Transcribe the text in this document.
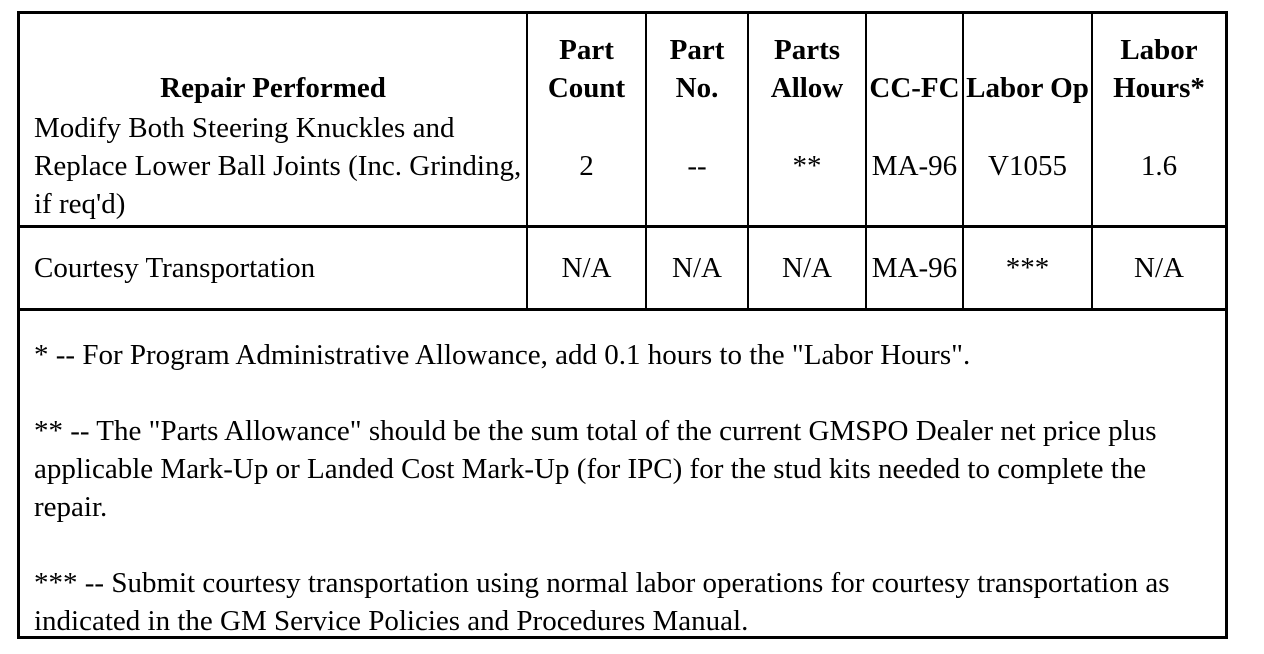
Repair Performed	Part Count	Part No.	Parts Allow	CC-FC	Labor Op	Labor Hours*
Modify Both Steering Knuckles and Replace Lower Ball Joints (Inc. Grinding, if req'd)	2	--	**	MA-96	V1055	1.6
Courtesy Transportation	N/A	N/A	N/A	MA-96	***	N/A

* -- For Program Administrative Allowance, add 0.1 hours to the "Labor Hours".

** -- The "Parts Allowance" should be the sum total of the current GMSPO Dealer net price plus applicable Mark-Up or Landed Cost Mark-Up (for IPC) for the stud kits needed to complete the repair.

*** -- Submit courtesy transportation using normal labor operations for courtesy transportation as indicated in the GM Service Policies and Procedures Manual.
